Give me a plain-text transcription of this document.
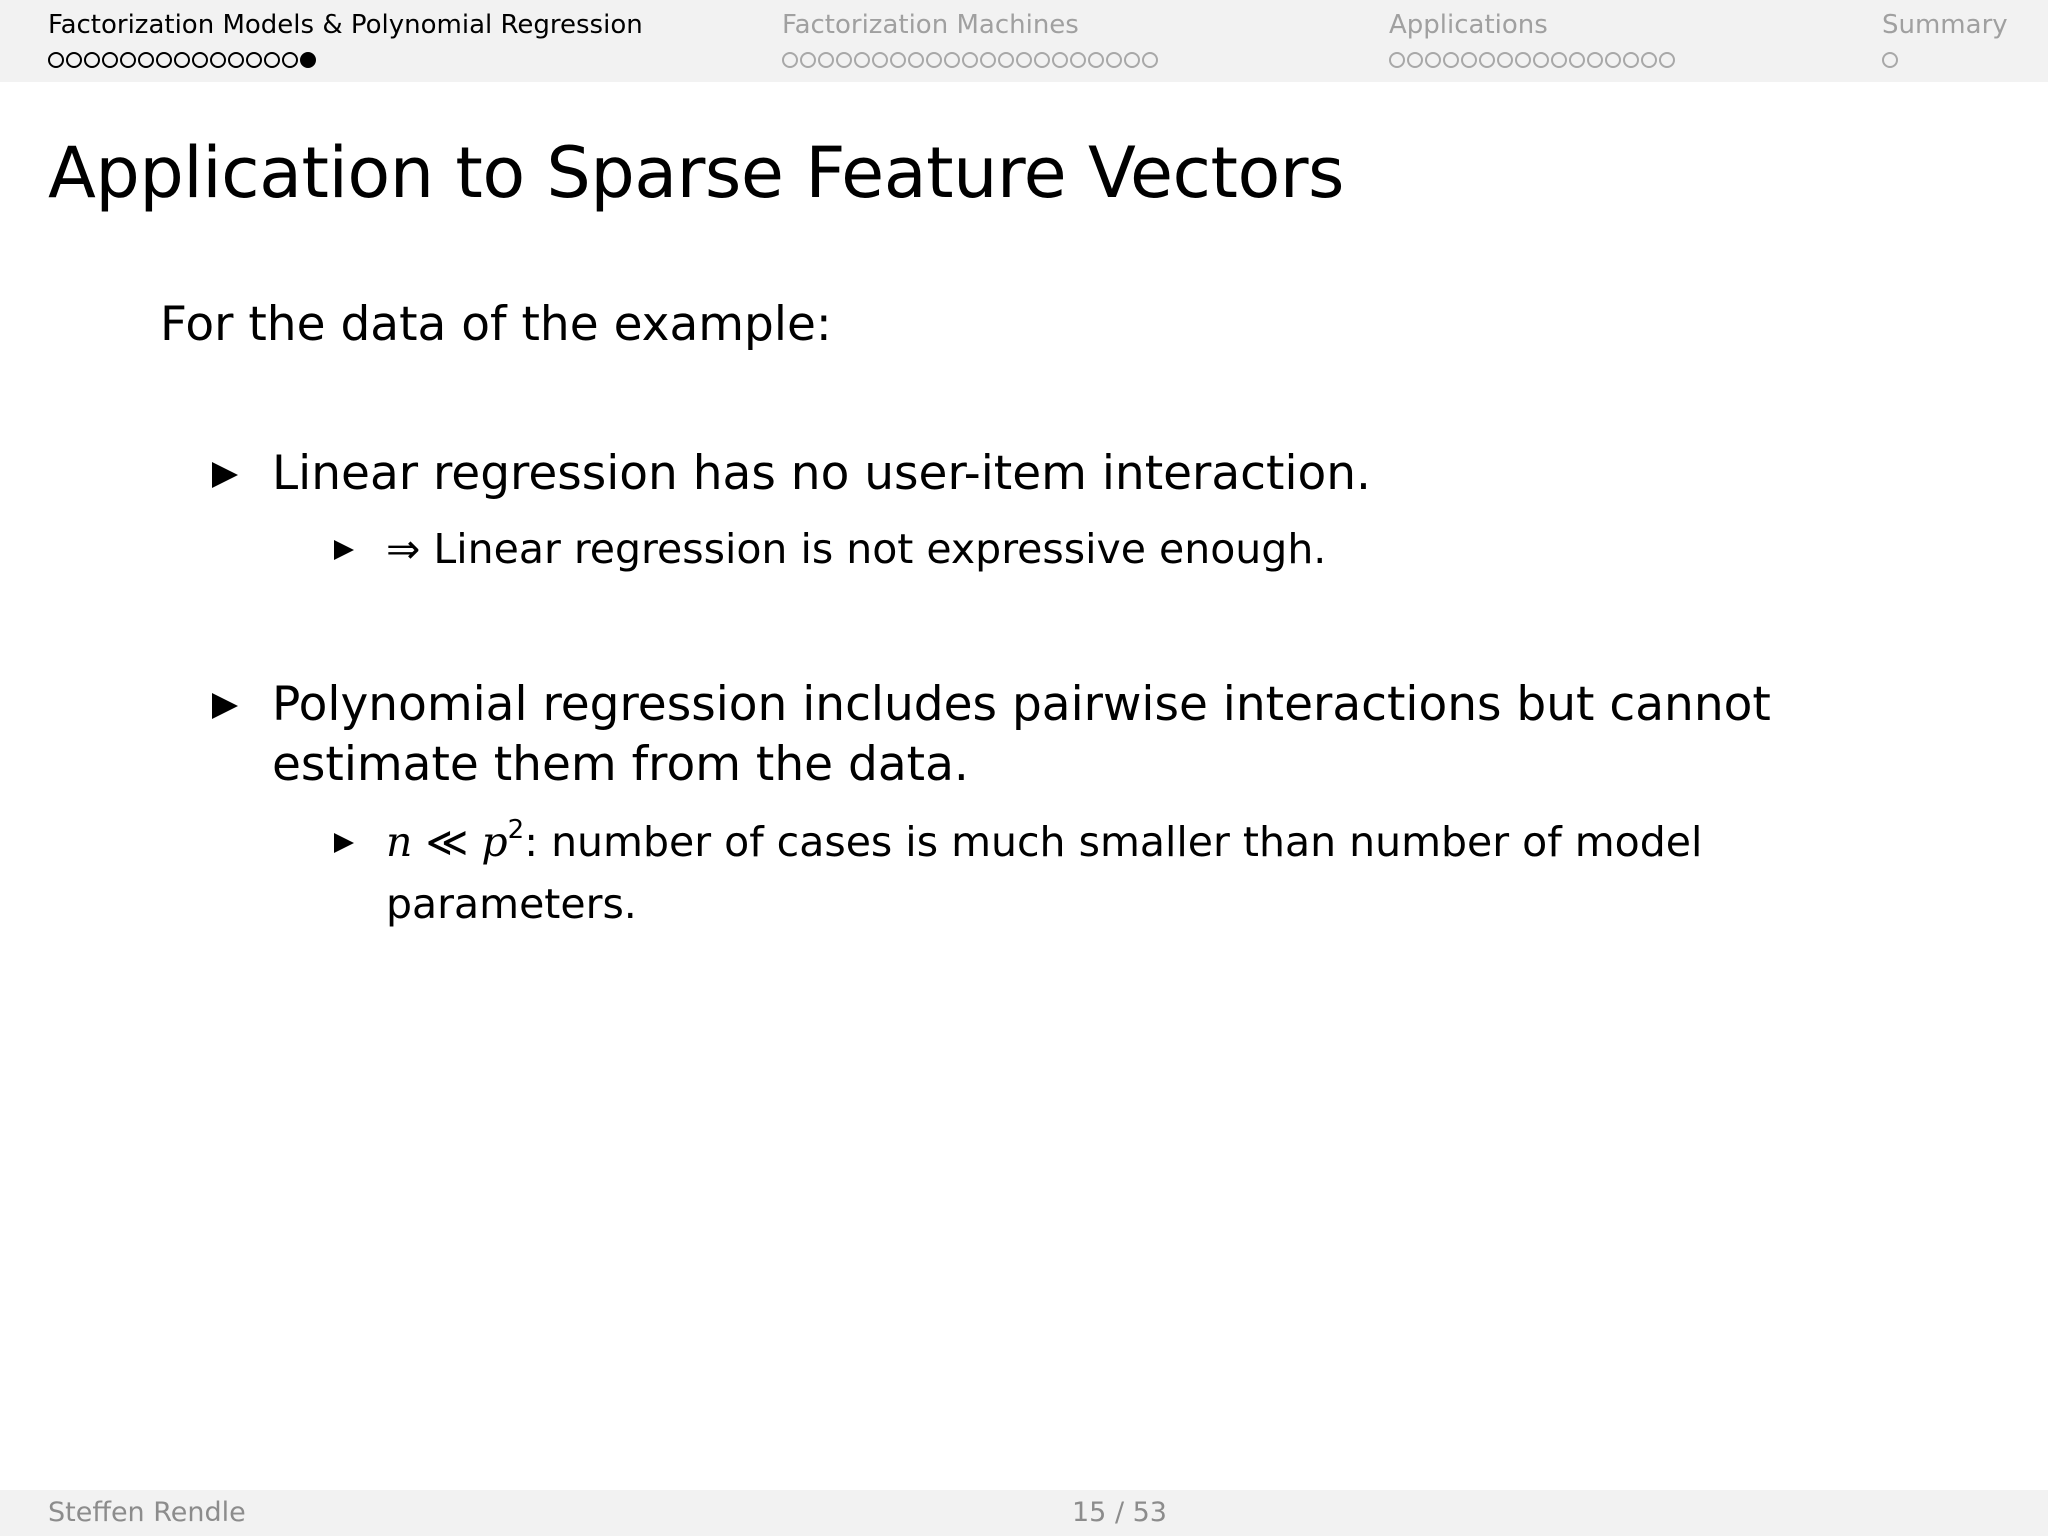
Factorization Models & Polynomial Regression	Factorization Machines	Applications	Summary
Application to Sparse Feature Vectors
For the data of the example:
Linear regression has no user-item interaction.
⇒ Linear regression is not expressive enough.
Polynomial regression includes pairwise interactions but cannot estimate them from the data.
n ≪ $p^2$: number of cases is much smaller than number of model parameters.
Steffen Rendle	15 / 53
